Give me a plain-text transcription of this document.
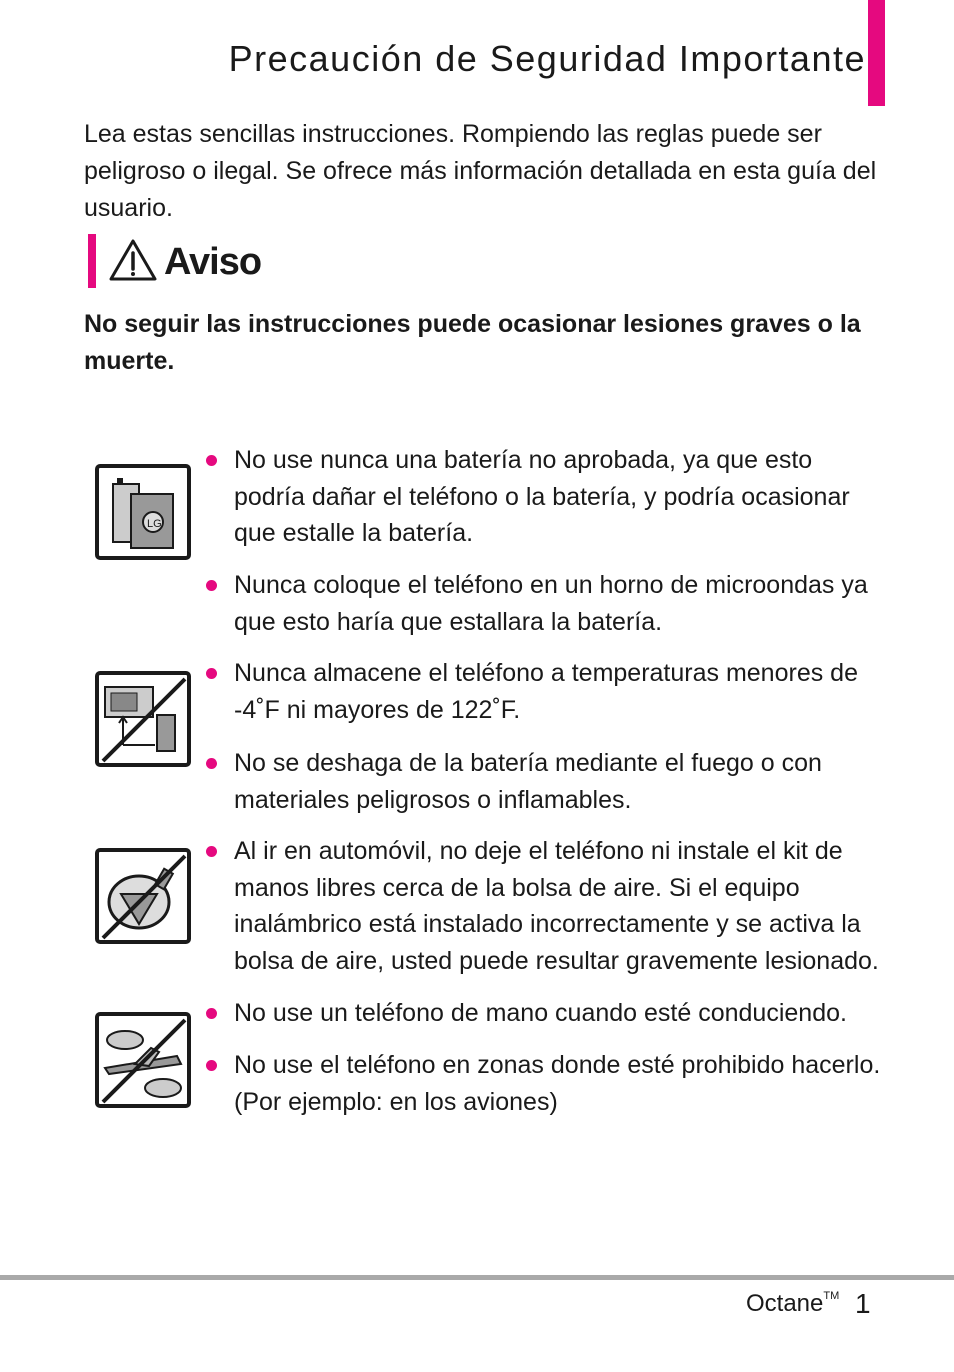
Precaución de Seguridad Importante

Lea estas sencillas instrucciones. Rompiendo las reglas puede ser peligroso o ilegal. Se ofrece más información detallada en esta guía del usuario.

Aviso

No seguir las instrucciones puede ocasionar lesiones graves o la muerte.

LG

No use nunca una batería no aprobada, ya que esto podría dañar el teléfono o la batería, y podría ocasionar que estalle la batería.

Nunca coloque el teléfono en un horno de microondas ya que esto haría que estallara la batería.

Nunca almacene el teléfono a temperaturas menores de -4˚F ni mayores de 122˚F.

No se deshaga de la batería mediante el fuego o con materiales peligrosos o inflamables.

Al ir en automóvil, no deje el teléfono ni instale el kit de manos libres cerca de la bolsa de aire. Si el equipo inalámbrico está instalado incorrectamente y se activa la bolsa de aire, usted puede resultar gravemente lesionado.

No use un teléfono de mano cuando esté conduciendo.

No use el teléfono en zonas donde esté prohibido hacerlo. (Por ejemplo: en los aviones)

Octane™ 1
